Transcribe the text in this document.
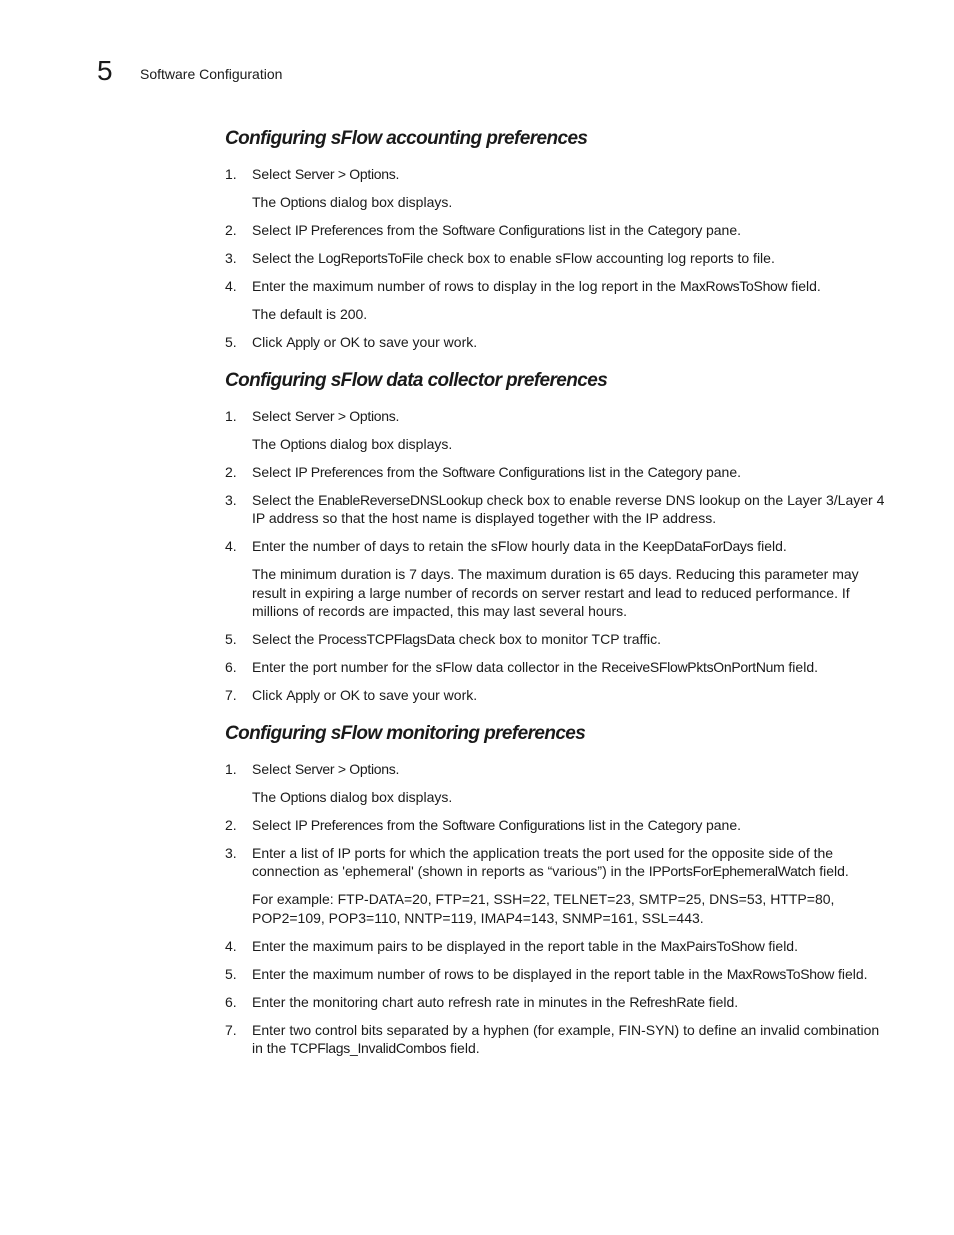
5 Software Configuration
Configuring sFlow accounting preferences
1. Select Server > Options.
The Options dialog box displays.
2. Select IP Preferences from the Software Configurations list in the Category pane.
3. Select the LogReportsToFile check box to enable sFlow accounting log reports to file.
4. Enter the maximum number of rows to display in the log report in the MaxRowsToShow field.
The default is 200.
5. Click Apply or OK to save your work.
Configuring sFlow data collector preferences
1. Select Server > Options.
The Options dialog box displays.
2. Select IP Preferences from the Software Configurations list in the Category pane.
3. Select the EnableReverseDNSLookup check box to enable reverse DNS lookup on the Layer 3/Layer 4 IP address so that the host name is displayed together with the IP address.
4. Enter the number of days to retain the sFlow hourly data in the KeepDataForDays field.
The minimum duration is 7 days. The maximum duration is 65 days. Reducing this parameter may result in expiring a large number of records on server restart and lead to reduced performance. If millions of records are impacted, this may last several hours.
5. Select the ProcessTCPFlagsData check box to monitor TCP traffic.
6. Enter the port number for the sFlow data collector in the ReceiveSFlowPktsOnPortNum field.
7. Click Apply or OK to save your work.
Configuring sFlow monitoring preferences
1. Select Server > Options.
The Options dialog box displays.
2. Select IP Preferences from the Software Configurations list in the Category pane.
3. Enter a list of IP ports for which the application treats the port used for the opposite side of the connection as 'ephemeral' (shown in reports as “various”) in the IPPortsForEphemeralWatch field.
For example: FTP-DATA=20, FTP=21, SSH=22, TELNET=23, SMTP=25, DNS=53, HTTP=80, POP2=109, POP3=110, NNTP=119, IMAP4=143, SNMP=161, SSL=443.
4. Enter the maximum pairs to be displayed in the report table in the MaxPairsToShow field.
5. Enter the maximum number of rows to be displayed in the report table in the MaxRowsToShow field.
6. Enter the monitoring chart auto refresh rate in minutes in the RefreshRate field.
7. Enter two control bits separated by a hyphen (for example, FIN-SYN) to define an invalid combination in the TCPFlags_InvalidCombos field.
